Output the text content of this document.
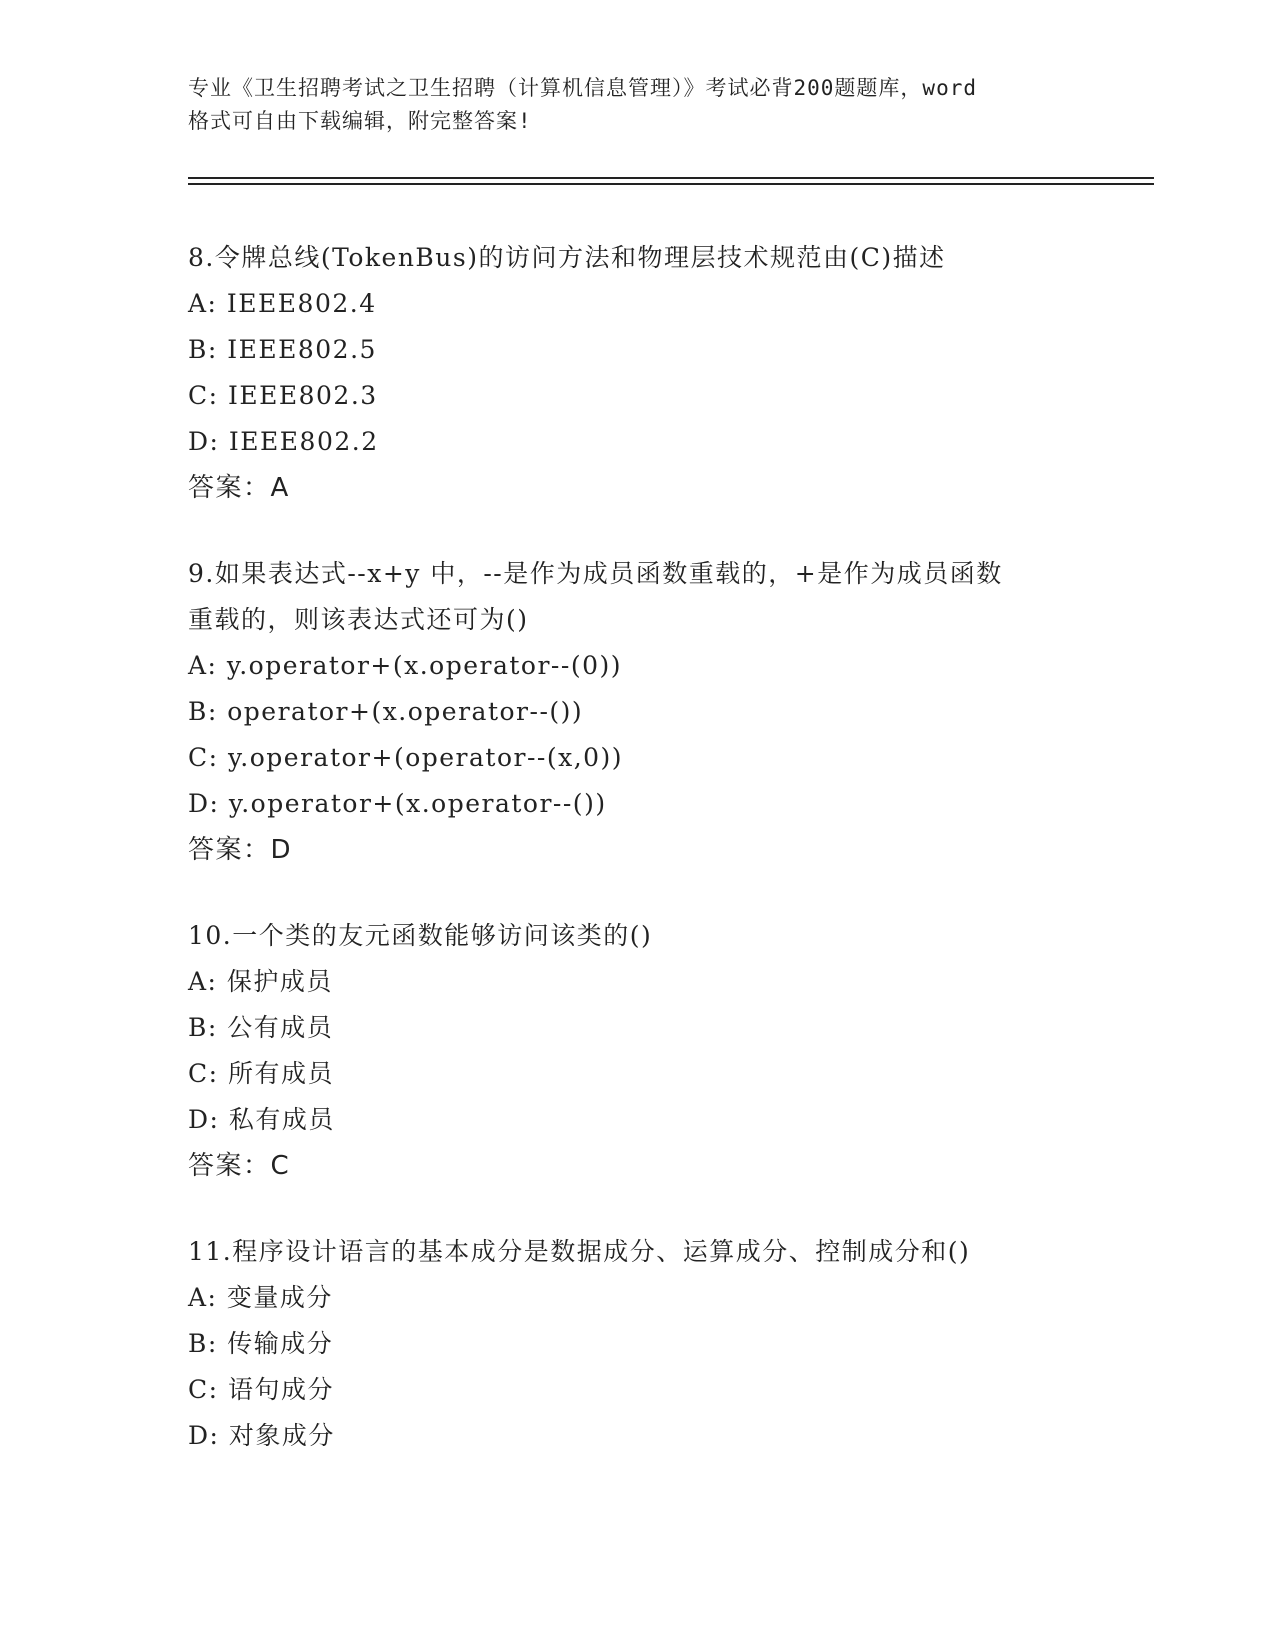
专业《卫生招聘考试之卫生招聘（计算机信息管理）》考试必背200题题库，word
格式可自由下载编辑，附完整答案!
8.令牌总线(TokenBus)的访问方法和物理层技术规范由(C)描述
A: IEEE802.4
B: IEEE802.5
C: IEEE802.3
D: IEEE802.2
答案：A
9.如果表达式--x+y 中，--是作为成员函数重载的，+是作为成员函数
重载的，则该表达式还可为()
A: y.operator+(x.operator--(0))
B: operator+(x.operator--())
C: y.operator+(operator--(x,0))
D: y.operator+(x.operator--())
答案：D
10.一个类的友元函数能够访问该类的()
A: 保护成员
B: 公有成员
C: 所有成员
D: 私有成员
答案：C
11.程序设计语言的基本成分是数据成分、运算成分、控制成分和()
A: 变量成分
B: 传输成分
C: 语句成分
D: 对象成分
